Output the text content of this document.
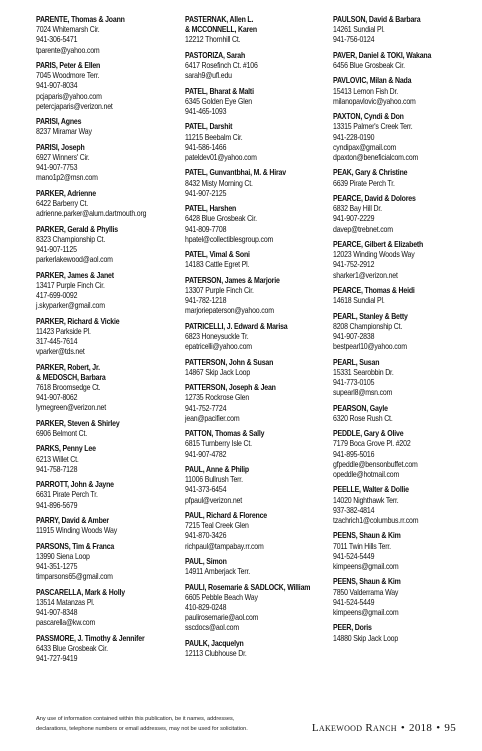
PARENTE, Thomas & Joann
7024 Whitemarsh Cir.
941-306-5471
tparente@yahoo.com
PARIS, Peter & Ellen
7045 Woodmore Terr.
941-907-8034
pcjaparis@yahoo.com
petercjaparis@verizon.net
PARISI, Agnes
8237 Miramar Way
PARISI, Joseph
6927 Winners' Cir.
941-907-7753
mano1p2@msn.com
PARKER, Adrienne
6422 Barberry Ct.
adrienne.parker@alum.dartmouth.org
PARKER, Gerald & Phyllis
8323 Championship Ct.
941-907-1125
parkerlakewood@aol.com
PARKER, James & Janet
13417 Purple Finch Cir.
417-699-0092
j.skyparker@gmail.com
PARKER, Richard & Vickie
11423 Parkside Pl.
317-445-7614
vparker@tds.net
PARKER, Robert, Jr.
& MEDOSCH, Barbara
7618 Broomsedge Ct.
941-907-8062
lymegreen@verizon.net
PARKER, Steven & Shirley
6906 Belmont Ct.
PARKS, Penny Lee
6213 Willet Ct.
941-758-7128
PARROTT, John & Jayne
6631 Pirate Perch Tr.
941-896-5679
PARRY, David & Amber
11915 Winding Woods Way
PARSONS, Tim & Franca
13990 Siena Loop
941-351-1275
timparsons65@gmail.com
PASCARELLA, Mark & Holly
13514 Matanzas Pl.
941-907-8348
pascarella@kw.com
PASSMORE, J. Timothy & Jennifer
6433 Blue Grosbeak Cir.
941-727-9419
PASTERNAK, Allen L.
& MCCONNELL, Karen
12212 Thornhill Ct.
PASTORIZA, Sarah
6417 Rosefinch Ct. #106
sarah9@ufl.edu
PATEL, Bharat & Malti
6345 Golden Eye Glen
941-465-1093
PATEL, Darshit
11215 Beebalm Cir.
941-586-1466
pateldev01@yahoo.com
PATEL, Gunvantbhai, M. & Hirav
8432 Misty Morning Ct.
941-907-2125
PATEL, Harshen
6428 Blue Grosbeak Cir.
941-809-7708
hpatel@collectiblesgroup.com
PATEL, Vimal & Soni
14183 Cattle Egret Pl.
PATERSON, James & Marjorie
13307 Purple Finch Cir.
941-782-1218
marjoriepaterson@yahoo.com
PATRICELLI, J. Edward & Marisa
6823 Honeysuckle Tr.
epatricelli@yahoo.com
PATTERSON, John & Susan
14867 Skip Jack Loop
PATTERSON, Joseph & Jean
12735 Rockrose Glen
941-752-7724
jean@pacifier.com
PATTON, Thomas & Sally
6815 Turnberry Isle Ct.
941-907-4782
PAUL, Anne & Philip
11006 Bullrush Terr.
941-373-6454
pfpaul@verizon.net
PAUL, Richard & Florence
7215 Teal Creek Glen
941-870-3426
richpaul@tampabay.rr.com
PAUL, Simon
14911 Amberjack Terr.
PAULI, Rosemarie & SADLOCK, William
6605 Pebble Beach Way
410-829-0248
paulirosemarie@aol.com
sscdocs@aol.com
PAULK, Jacquelyn
12113 Clubhouse Dr.
PAULSON, David & Barbara
14261 Sundial Pl.
941-756-0124
PAVER, Daniel & TOKI, Wakana
6456 Blue Grosbeak Cir.
PAVLOVIC, Milan & Nada
15413 Lemon Fish Dr.
milanopavlovic@yahoo.com
PAXTON, Cyndi & Don
13315 Palmer's Creek Terr.
941-228-0190
cyndipax@gmail.com
dpaxton@beneficialcom.com
PEAK, Gary & Christine
6639 Pirate Perch Tr.
PEARCE, David & Dolores
6832 Bay Hill Dr.
941-907-2229
davep@trebnet.com
PEARCE, Gilbert & Elizabeth
12023 Winding Woods Way
941-752-2912
sharker1@verizon.net
PEARCE, Thomas & Heidi
14618 Sundial Pl.
PEARL, Stanley & Betty
8208 Championship Ct.
941-907-2838
bestpearl10@yahoo.com
PEARL, Susan
15331 Searobbin Dr.
941-773-0105
supearl8@msn.com
PEARSON, Gayle
6320 Rose Rush Ct.
PEDDLE, Gary & Olive
7179 Boca Grove Pl. #202
941-895-5016
gfpeddle@bensonbuffet.com
opeddle@hotmail.com
PEELLE, Walter & Dollie
14020 Nighthawk Terr.
937-382-4814
tzachrich1@columbus.rr.com
PEENS, Shaun & Kim
7011 Twin Hills Terr.
941-524-5449
kimpeens@gmail.com
PEENS, Shaun & Kim
7850 Valderrama Way
941-524-5449
kimpeens@gmail.com
PEER, Doris
14880 Skip Jack Loop
Any use of information contained within this publication, be it names, addresses,
declarations, telephone numbers or email addresses, may not be used for solicitation.	Lakewood Ranch • 2018 • 95
